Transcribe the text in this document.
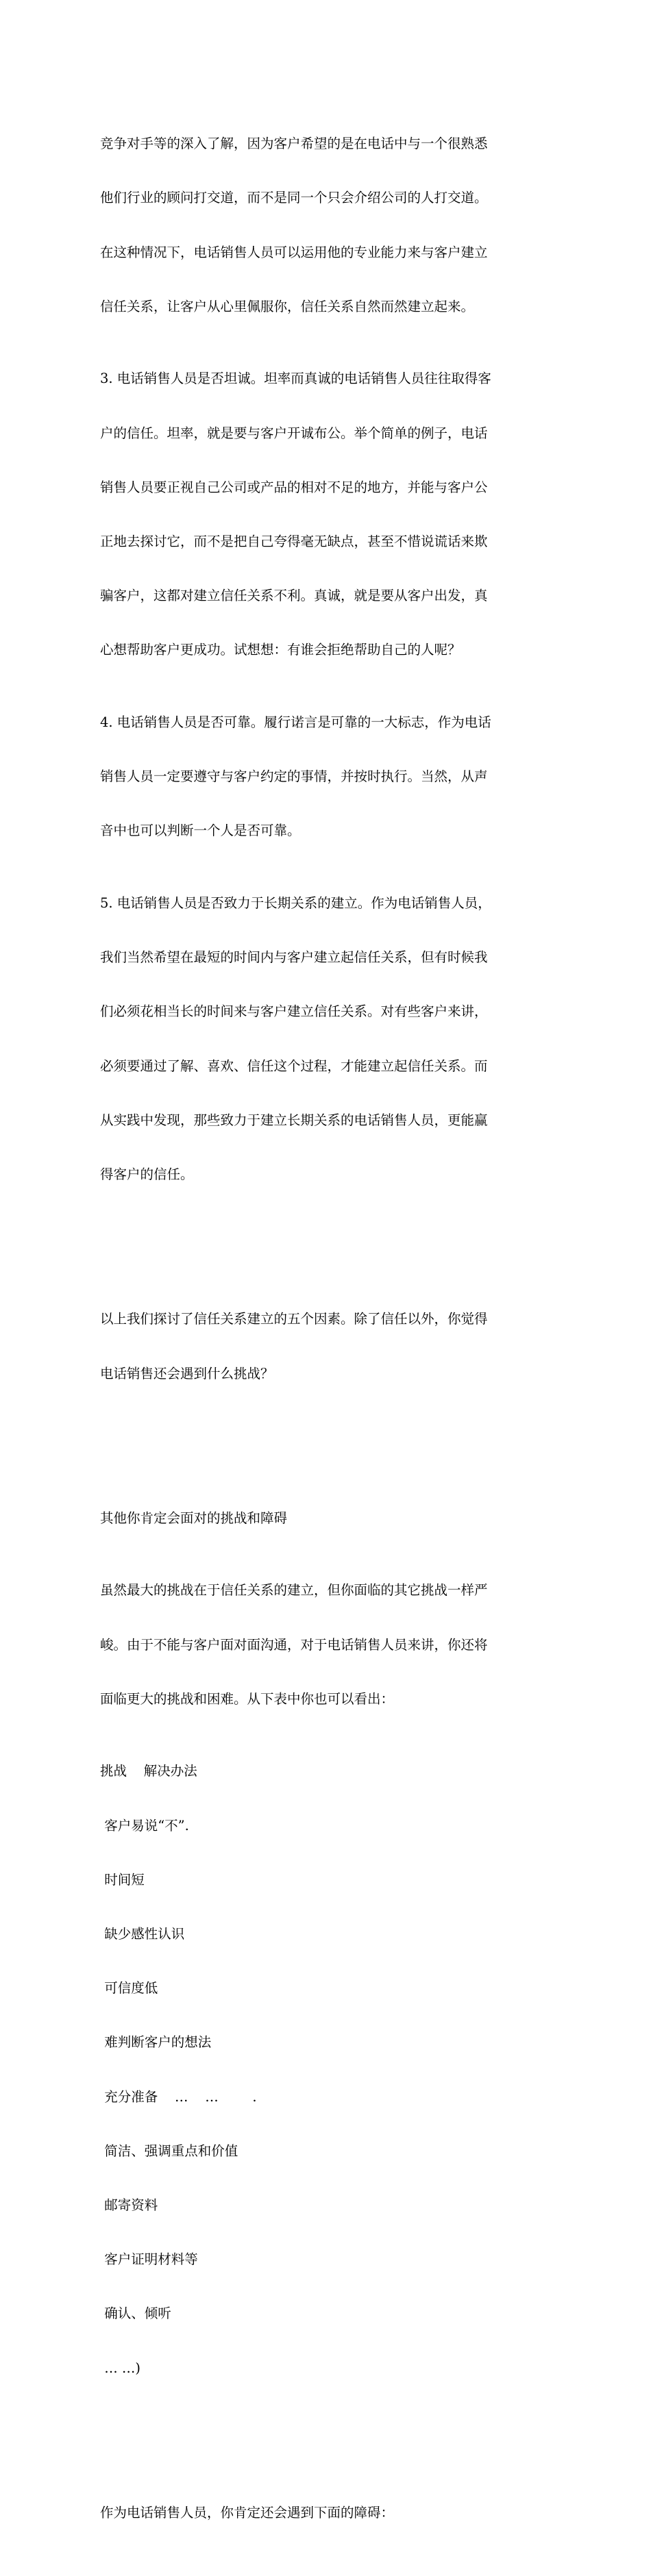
竞争对手等的深入了解，因为客户希望的是在电话中与一个很熟悉

他们行业的顾问打交道，而不是同一个只会介绍公司的人打交道。

在这种情况下，电话销售人员可以运用他的专业能力来与客户建立

信任关系，让客户从心里佩服你，信任关系自然而然建立起来。

3. 电话销售人员是否坦诚。坦率而真诚的电话销售人员往往取得客

户的信任。坦率，就是要与客户开诚布公。举个简单的例子，电话

销售人员要正视自己公司或产品的相对不足的地方，并能与客户公

正地去探讨它，而不是把自己夸得毫无缺点，甚至不惜说谎话来欺

骗客户，这都对建立信任关系不利。真诚，就是要从客户出发，真

心想帮助客户更成功。试想想：有谁会拒绝帮助自己的人呢？

4. 电话销售人员是否可靠。履行诺言是可靠的一大标志，作为电话

销售人员一定要遵守与客户约定的事情，并按时执行。当然，从声

音中也可以判断一个人是否可靠。

5. 电话销售人员是否致力于长期关系的建立。作为电话销售人员，

我们当然希望在最短的时间内与客户建立起信任关系，但有时候我

们必须花相当长的时间来与客户建立信任关系。对有些客户来讲，

必须要通过了解、喜欢、信任这个过程，才能建立起信任关系。而

从实践中发现，那些致力于建立长期关系的电话销售人员，更能赢

得客户的信任。

以上我们探讨了信任关系建立的五个因素。除了信任以外，你觉得

电话销售还会遇到什么挑战？

其他你肯定会面对的挑战和障碍

虽然最大的挑战在于信任关系的建立，但你面临的其它挑战一样严

峻。由于不能与客户面对面沟通，对于电话销售人员来讲，你还将

面临更大的挑战和困难。从下表中你也可以看出：

挑战    解决办法

客户易说“不”.

时间短

缺少感性认识

可信度低

难判断客户的想法

充分准备    …    …        .

简洁、强调重点和价值

邮寄资料

客户证明材料等

确认、倾听

… …)

作为电话销售人员，你肯定还会遇到下面的障碍：
